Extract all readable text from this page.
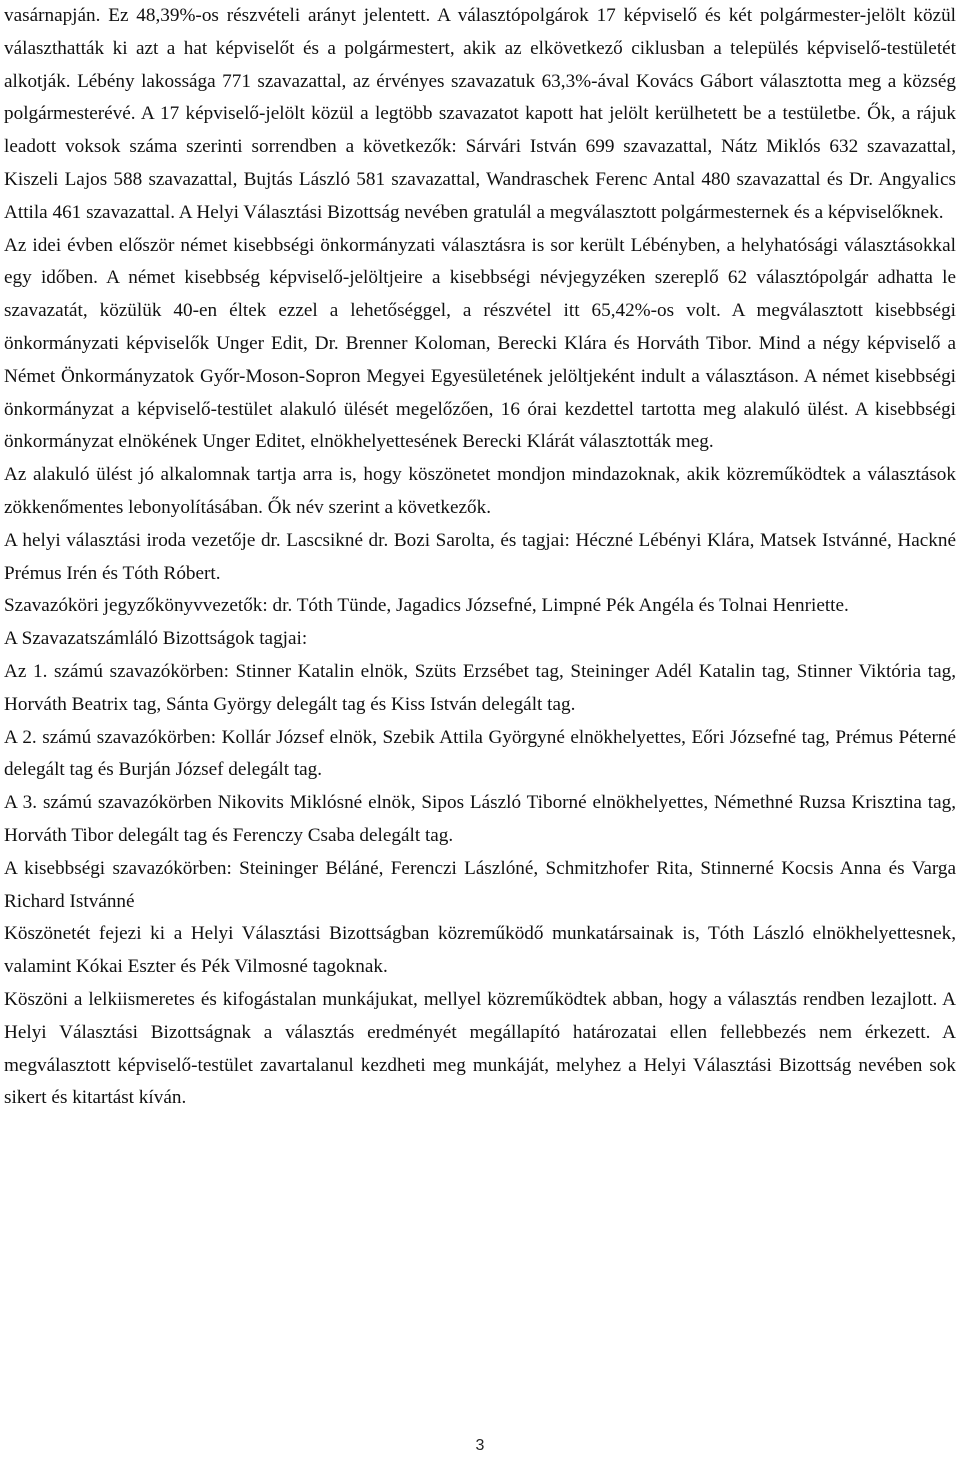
vasárnapján. Ez 48,39%-os részvételi arányt jelentett. A választópolgárok 17 képviselő és két polgármester-jelölt közül választhatták ki azt a hat képviselőt és a polgármestert, akik az elkövetkező ciklusban a település képviselő-testületét alkotják. Lébény lakossága 771 szavazattal, az érvényes szavazatuk 63,3%-ával Kovács Gábort választotta meg a község polgármesterévé. A 17 képviselő-jelölt közül a legtöbb szavazatot kapott hat jelölt kerülhetett be a testületbe. Ők, a rájuk leadott voksok száma szerinti sorrendben a következők: Sárvári István 699 szavazattal, Nátz Miklós 632 szavazattal, Kiszeli Lajos 588 szavazattal, Bujtás László 581 szavazattal, Wandraschek Ferenc Antal 480 szavazattal és Dr. Angyalics Attila 461 szavazattal. A Helyi Választási Bizottság nevében gratulál a megválasztott polgármesternek és a képviselőknek.

Az idei évben először német kisebbségi önkormányzati választásra is sor került Lébényben, a helyhatósági választásokkal egy időben. A német kisebbség képviselő-jelöltjeire a kisebbségi névjegyzéken szereplő 62 választópolgár adhatta le szavazatát, közülük 40-en éltek ezzel a lehetőséggel, a részvétel itt 65,42%-os volt. A megválasztott kisebbségi önkormányzati képviselők Unger Edit, Dr. Brenner Koloman, Berecki Klára és Horváth Tibor. Mind a négy képviselő a Német Önkormányzatok Győr-Moson-Sopron Megyei Egyesületének jelöltjeként indult a választáson. A német kisebbségi önkormányzat a képviselő-testület alakuló ülését megelőzően, 16 órai kezdettel tartotta meg alakuló ülést. A kisebbségi önkormányzat elnökének Unger Editet, elnökhelyettesének Berecki Klárát választották meg.

Az alakuló ülést jó alkalomnak tartja arra is, hogy köszönetet mondjon mindazoknak, akik közreműködtek a választások zökkenőmentes lebonyolításában. Ők név szerint a következők.

A helyi választási iroda vezetője dr. Lascsikné dr. Bozi Sarolta, és tagjai: Héczné Lébényi Klára, Matsek Istvánné, Hackné Prémus Irén és Tóth Róbert.

Szavazóköri jegyzőkönyvvezetők: dr. Tóth Tünde, Jagadics Józsefné, Limpné Pék Angéla és Tolnai Henriette.

A Szavazatszámláló Bizottságok tagjai:

Az 1. számú szavazókörben: Stinner Katalin elnök, Szüts Erzsébet tag, Steininger Adél Katalin tag, Stinner Viktória tag, Horváth Beatrix tag, Sánta György delegált tag és Kiss István delegált tag.

A 2. számú szavazókörben: Kollár József elnök, Szebik Attila Györgyné elnökhelyettes, Eőri Józsefné tag, Prémus Péterné delegált tag és Burján József delegált tag.

A 3. számú szavazókörben Nikovits Miklósné elnök, Sipos László Tiborné elnökhelyettes, Némethné Ruzsa Krisztina tag, Horváth Tibor delegált tag és Ferenczy Csaba delegált tag.

A kisebbségi szavazókörben: Steininger Béláné, Ferenczi Lászlóné, Schmitzhofer Rita, Stinnerné Kocsis Anna és Varga Richard Istvánné

Köszönetét fejezi ki a Helyi Választási Bizottságban közreműködő munkatársainak is, Tóth László elnökhelyettesnek, valamint Kókai Eszter és Pék Vilmosné tagoknak.

Köszöni a lelkiismeretes és kifogástalan munkájukat, mellyel közreműködtek abban, hogy a választás rendben lezajlott. A Helyi Választási Bizottságnak a választás eredményét megállapító határozatai ellen fellebbezés nem érkezett. A megválasztott képviselő-testület zavartalanul kezdheti meg munkáját, melyhez a Helyi Választási Bizottság nevében sok sikert és kitartást kíván.

3
